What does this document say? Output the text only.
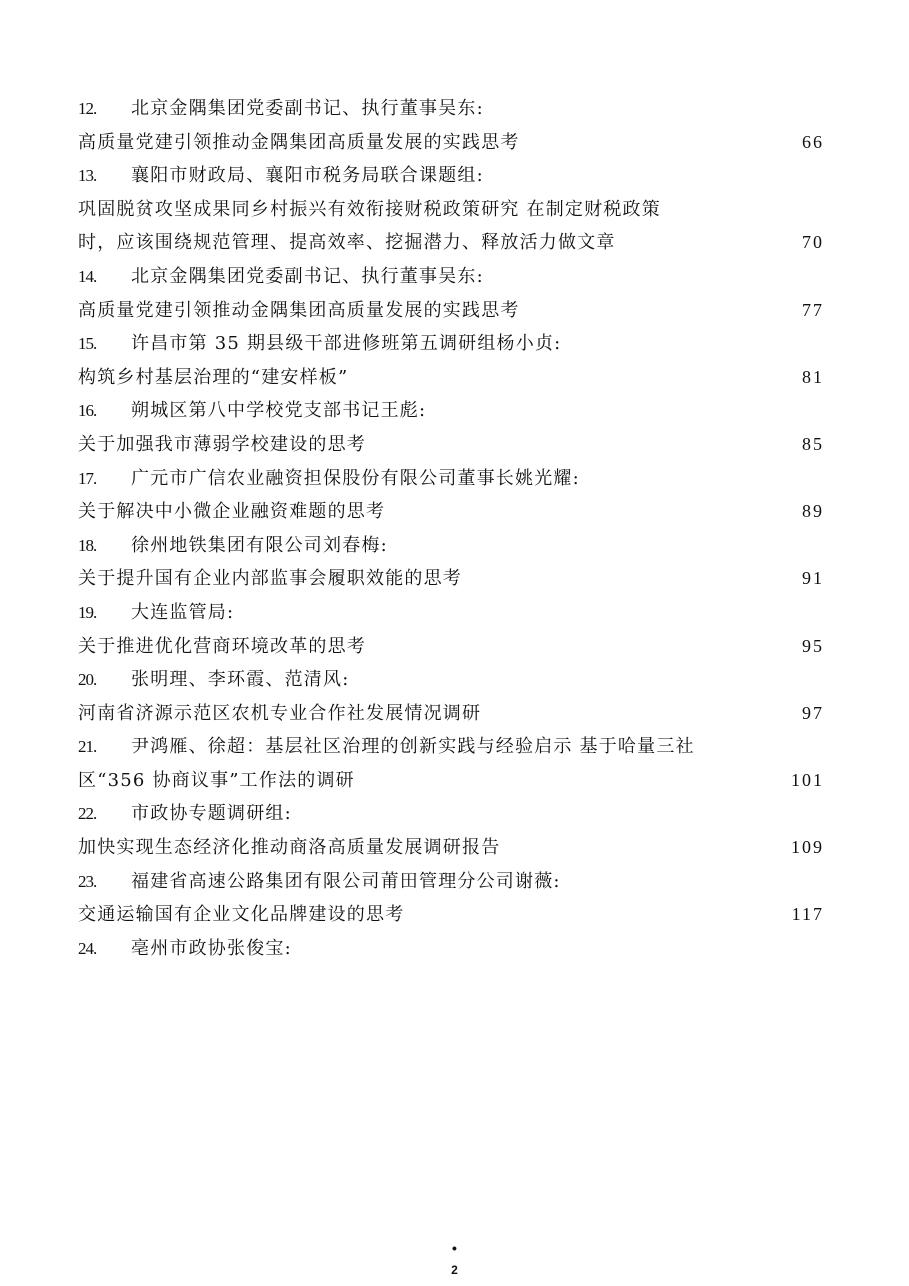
12.	北京金隅集团党委副书记、执行董事吴东:
高质量党建引领推动金隅集团高质量发展的实践思考	66
13.	襄阳市财政局、襄阳市税务局联合课题组:
巩固脱贫攻坚成果同乡村振兴有效衔接财税政策研究 在制定财税政策
时，应该围绕规范管理、提高效率、挖掘潜力、释放活力做文章	70
14.	北京金隅集团党委副书记、执行董事吴东:
高质量党建引领推动金隅集团高质量发展的实践思考	77
15.	许昌市第 35 期县级干部进修班第五调研组杨小贞:
构筑乡村基层治理的“建安样板”	81
16.	朔城区第八中学校党支部书记王彪:
关于加强我市薄弱学校建设的思考	85
17.	广元市广信农业融资担保股份有限公司董事长姚光耀:
关于解决中小微企业融资难题的思考	89
18.	徐州地铁集团有限公司刘春梅:
关于提升国有企业内部监事会履职效能的思考	91
19.	大连监管局:
关于推进优化营商环境改革的思考	95
20.	张明理、李环霞、范清风:
河南省济源示范区农机专业合作社发展情况调研	97
21.	尹鸿雁、徐超：基层社区治理的创新实践与经验启示 基于哈量三社
区“356 协商议事”工作法的调研	101
22.	市政协专题调研组:
加快实现生态经济化推动商洛高质量发展调研报告	109
23.	福建省高速公路集团有限公司莆田管理分公司谢薇:
交通运输国有企业文化品牌建设的思考	117
24.	亳州市政协张俊宝:
•
2
